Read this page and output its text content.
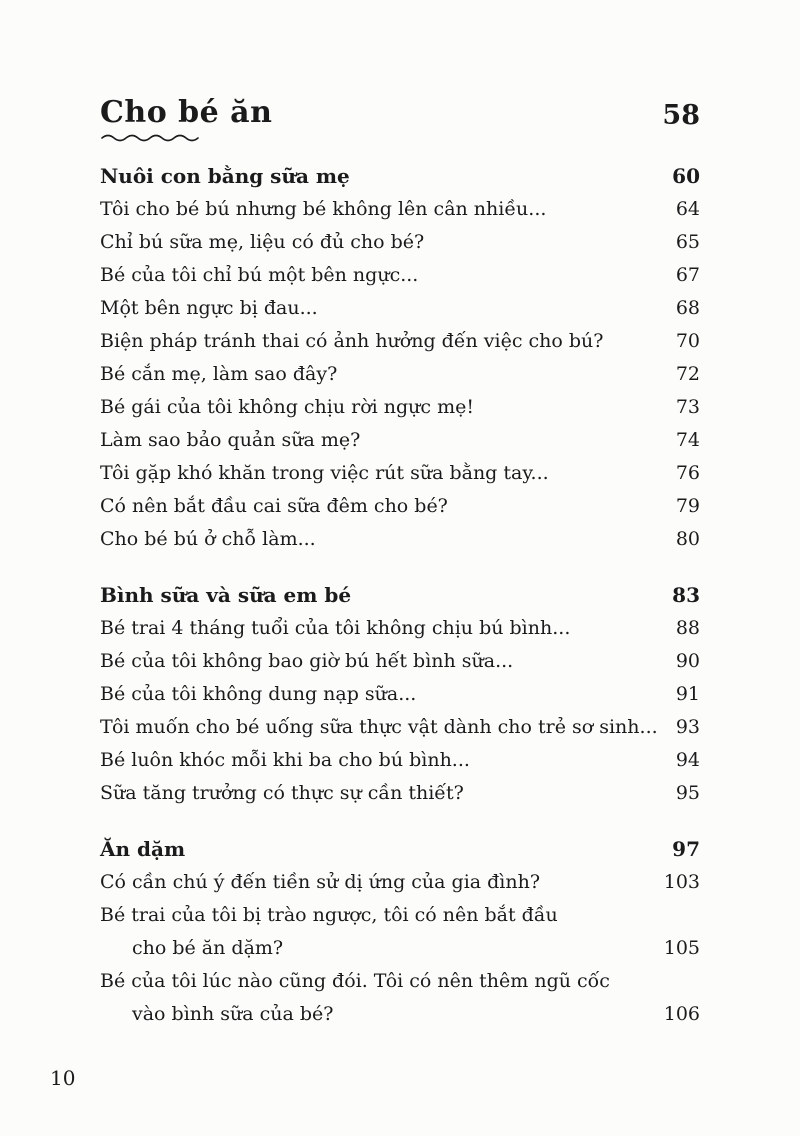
Cho bé ăn	58
Nuôi con bằng sữa mẹ	60
Tôi cho bé bú nhưng bé không lên cân nhiều...	64
Chỉ bú sữa mẹ, liệu có đủ cho bé?	65
Bé của tôi chỉ bú một bên ngực...	67
Một bên ngực bị đau...	68
Biện pháp tránh thai có ảnh hưởng đến việc cho bú?	70
Bé cắn mẹ, làm sao đây?	72
Bé gái của tôi không chịu rời ngực mẹ!	73
Làm sao bảo quản sữa mẹ?	74
Tôi gặp khó khăn trong việc rút sữa bằng tay...	76
Có nên bắt đầu cai sữa đêm cho bé?	79
Cho bé bú ở chỗ làm...	80
Bình sữa và sữa em bé	83
Bé trai 4 tháng tuổi của tôi không chịu bú bình...	88
Bé của tôi không bao giờ bú hết bình sữa...	90
Bé của tôi không dung nạp sữa...	91
Tôi muốn cho bé uống sữa thực vật dành cho trẻ sơ sinh... 93
Bé luôn khóc mỗi khi ba cho bú bình...	94
Sữa tăng trưởng có thực sự cần thiết?	95
Ăn dặm	97
Có cần chú ý đến tiền sử dị ứng của gia đình?	103
Bé trai của tôi bị trào ngược, tôi có nên bắt đầu
cho bé ăn dặm?	105
Bé của tôi lúc nào cũng đói. Tôi có nên thêm ngũ cốc
vào bình sữa của bé?	106
10
